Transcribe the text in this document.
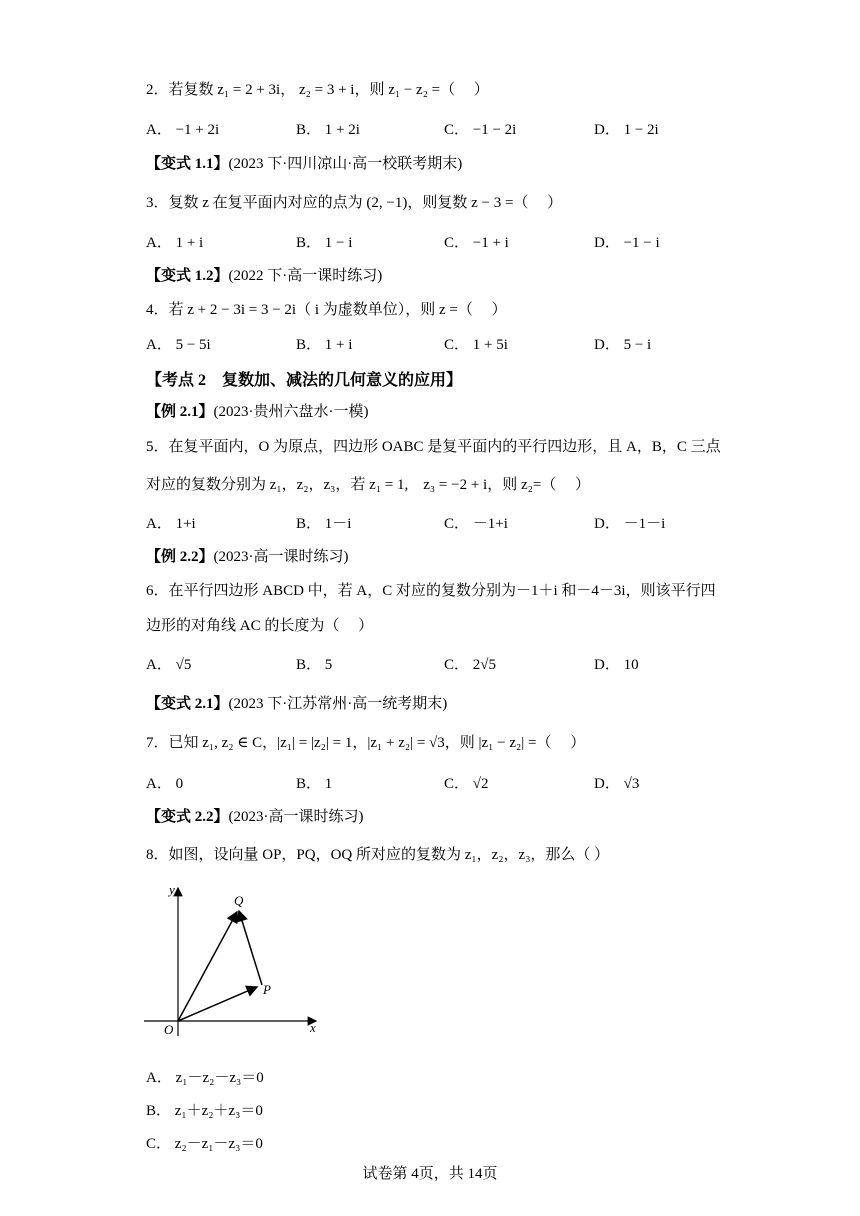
2．若复数 z₁ = 2 + 3i， z₂ = 3 + i，则 z₁ − z₂ =（　 ）
A． −1 + 2i	B． 1 + 2i	C． −1 − 2i	D． 1 − 2i
【变式 1.1】(2023 下·四川凉山·高一校联考期末)
3．复数 z 在复平面内对应的点为 (2, −1)，则复数 z − 3 =（　 ）
A． 1 + i	B． 1 − i	C． −1 + i	D． −1 − i
【变式 1.2】(2022 下·高一课时练习)
4．若 z + 2 − 3i = 3 − 2i（ i 为虚数单位），则 z =（　 ）
A． 5 − 5i	B． 1 + i	C． 1 + 5i	D． 5 − i
【考点 2　复数加、减法的几何意义的应用】
【例 2.1】(2023·贵州六盘水·一模)
5．在复平面内，O 为原点，四边形 OABC 是复平面内的平行四边形，且 A，B，C 三点
对应的复数分别为 z₁，z₂，z₃，若 z₁ = 1,　z₃ = −2 + i，则 z₂=（　 ）
A． 1+i	B． 1－i	C． －1+i	D． －1－i
【例 2.2】(2023·高一课时练习)
6．在平行四边形 ABCD 中，若 A，C 对应的复数分别为－1＋i 和－4－3i，则该平行四
边形的对角线 AC 的长度为（　 ）
A． √5	B． 5	C． 2√5	D． 10
【变式 2.1】(2023 下·江苏常州·高一统考期末)
7．已知 z₁, z₂ ∈ C，|z₁| = |z₂| = 1，|z₁ + z₂| = √3，则 |z₁ − z₂| =（　 ）
A． 0	B． 1	C． √2	D． √3
【变式 2.2】(2023·高一课时练习)
8．如图，设向量 OP，PQ，OQ 所对应的复数为 z₁，z₂，z₃，那么（ ）
y
x
O
P
Q
A． z₁－z₂－z₃＝0
B． z₁＋z₂＋z₃＝0
C． z₂－z₁－z₃＝0
试卷第 4页，共 14页
